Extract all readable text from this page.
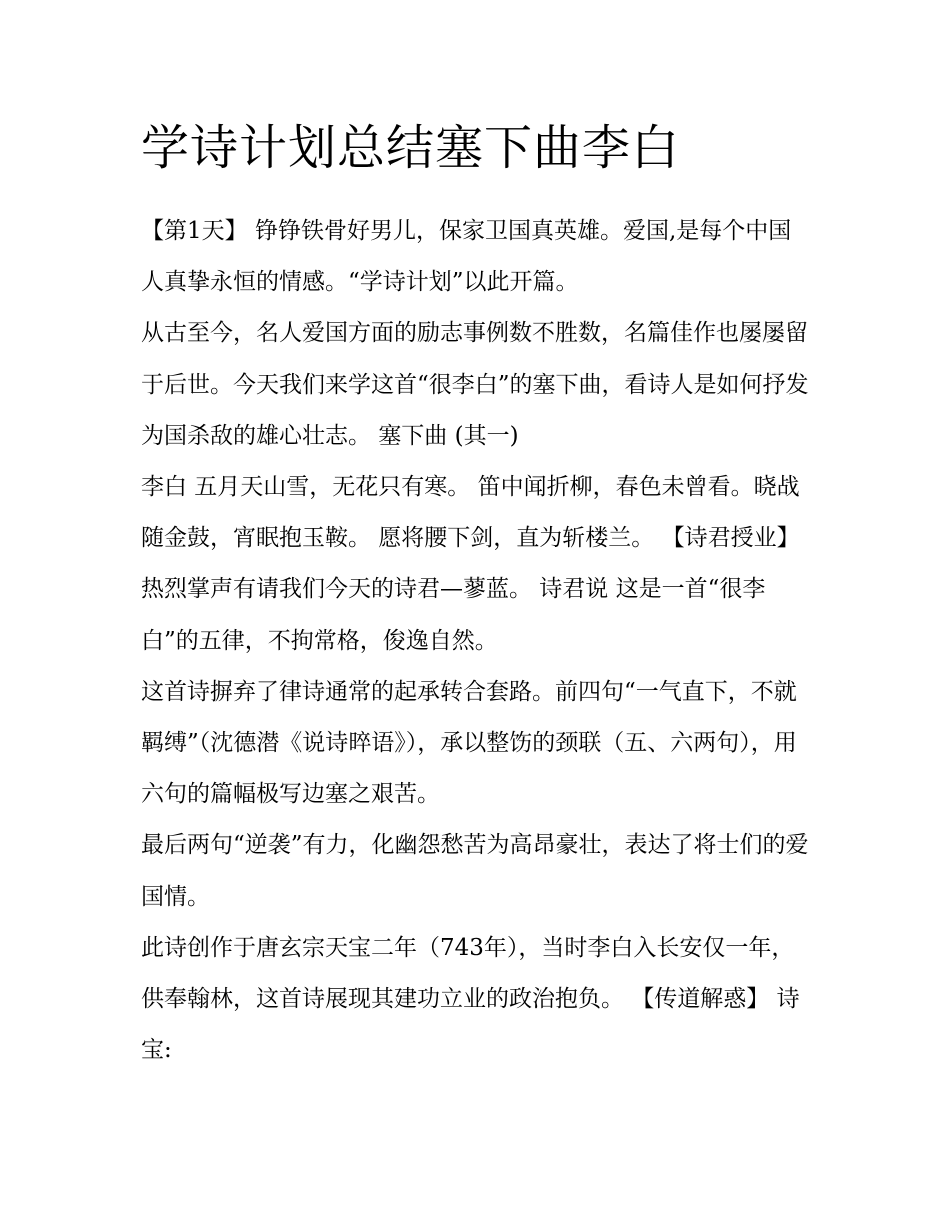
学诗计划总结塞下曲李白

【第1天】 铮铮铁骨好男儿，保家卫国真英雄。爱国,是每个中国人真挚永恒的情感。“学诗计划”以此开篇。

从古至今，名人爱国方面的励志事例数不胜数，名篇佳作也屡屡留于后世。今天我们来学这首“很李白”的塞下曲，看诗人是如何抒发为国杀敌的雄心壮志。 塞下曲 (其一)

李白 五月天山雪，无花只有寒。 笛中闻折柳，春色未曾看。晓战随金鼓，宵眠抱玉鞍。 愿将腰下剑，直为斩楼兰。 【诗君授业】

热烈掌声有请我们今天的诗君—蓼蓝。 诗君说 这是一首“很李白”的五律，不拘常格，俊逸自然。

这首诗摒弃了律诗通常的起承转合套路。前四句“一气直下，不就羁缚”（沈德潜《说诗晬语》），承以整饬的颈联（五、六两句），用六句的篇幅极写边塞之艰苦。

最后两句“逆袭”有力，化幽怨愁苦为高昂豪壮，表达了将士们的爱国情。

此诗创作于唐玄宗天宝二年（743年），当时李白入长安仅一年，供奉翰林，这首诗展现其建功立业的政治抱负。 【传道解惑】 诗宝:
